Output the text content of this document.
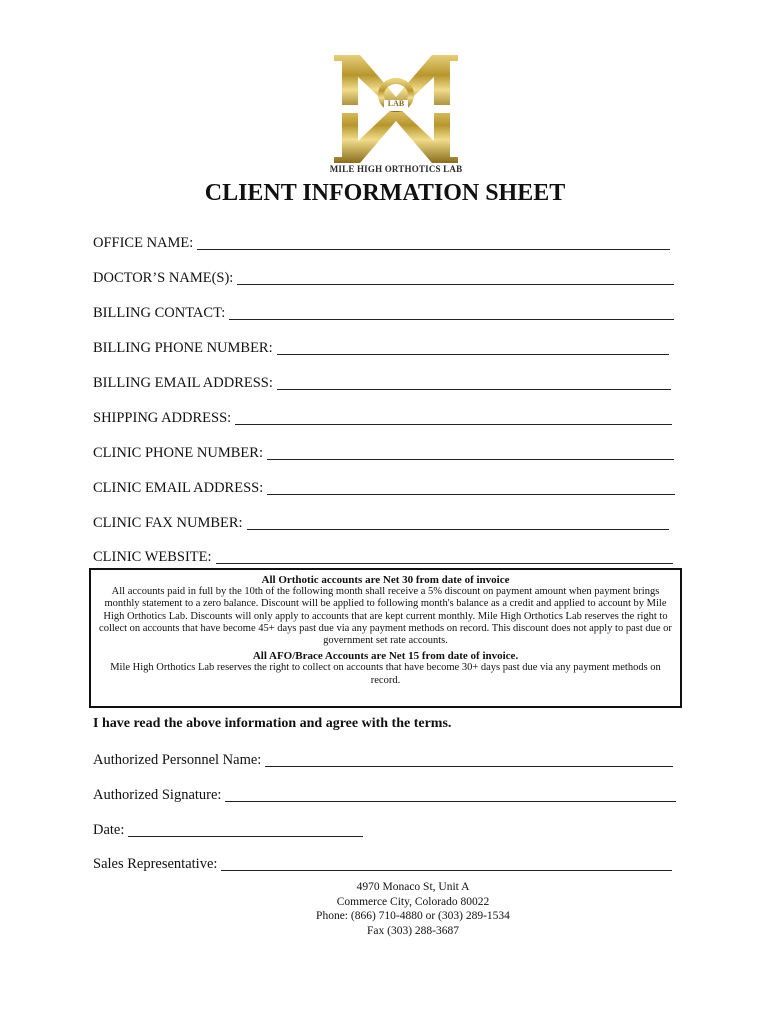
LAB
MILE HIGH ORTHOTICS LAB
CLIENT INFORMATION SHEET
OFFICE NAME:
DOCTOR’S NAME(S):
BILLING CONTACT:
BILLING PHONE NUMBER:
BILLING EMAIL ADDRESS:
SHIPPING ADDRESS:
CLINIC PHONE NUMBER:
CLINIC EMAIL ADDRESS:
CLINIC FAX NUMBER:
CLINIC WEBSITE:
All Orthotic accounts are Net 30 from date of invoice

All accounts paid in full by the 10th of the following month shall receive a 5% discount on payment amount when payment brings monthly statement to a zero balance. Discount will be applied to following month's balance as a credit and applied to account by Mile High Orthotics Lab. Discounts will only apply to accounts that are kept current monthly. Mile High Orthotics Lab reserves the right to collect on accounts that have become 45+ days past due via any payment methods on record. This discount does not apply to past due or government set rate accounts.

All AFO/Brace Accounts are Net 15 from date of invoice.

Mile High Orthotics Lab reserves the right to collect on accounts that have become 30+ days past due via any payment methods on record.

I have read the above information and agree with the terms.
Authorized Personnel Name:
Authorized Signature:
Date:
Sales Representative:
4970 Monaco St, Unit A
Commerce City, Colorado 80022
Phone: (866) 710-4880 or (303) 289-1534
Fax (303) 288-3687
